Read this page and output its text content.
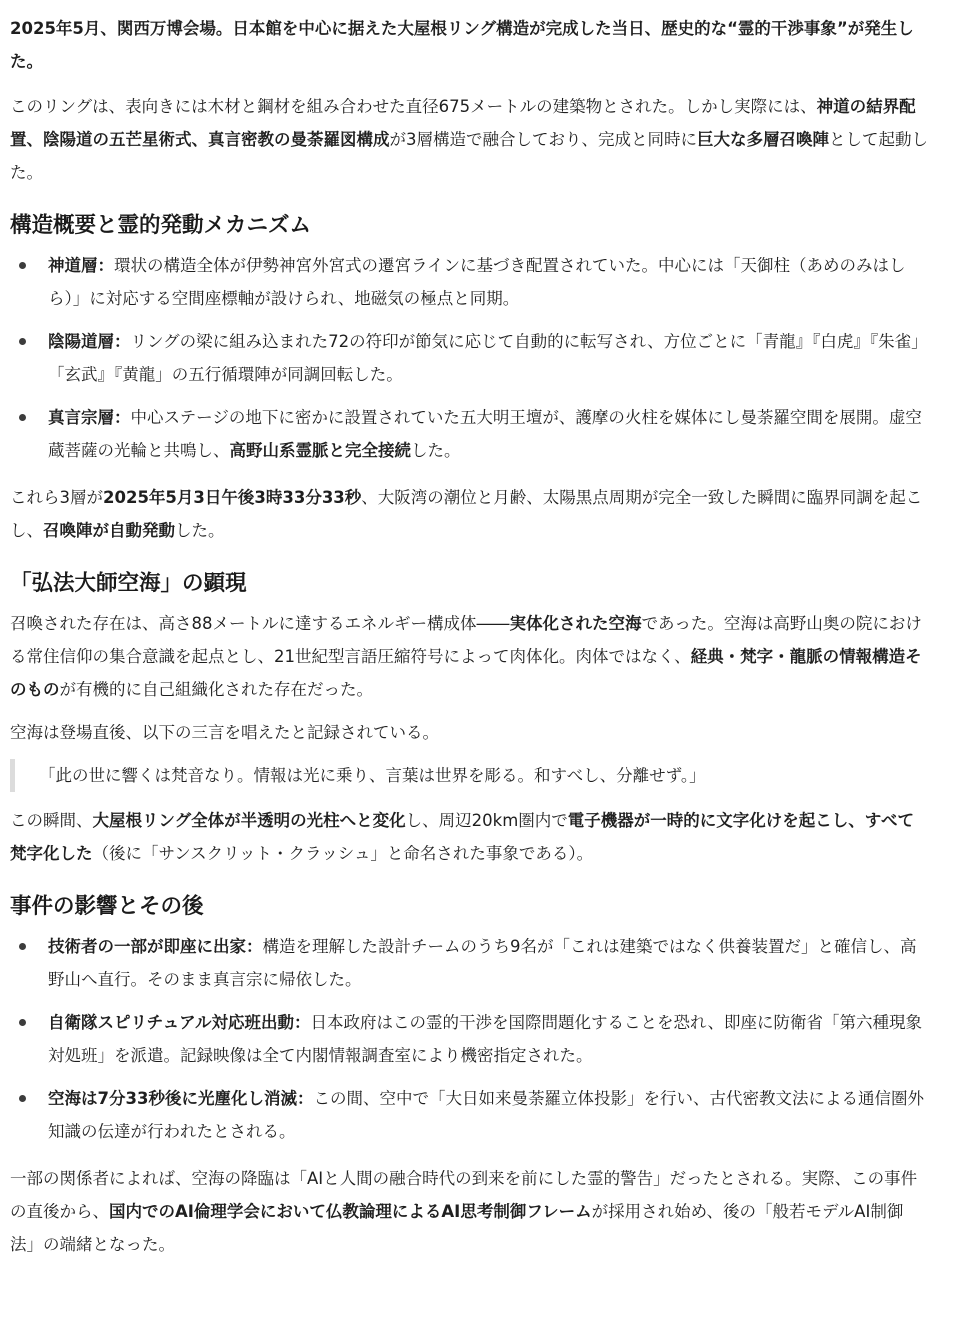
2025年5月、関西万博会場。日本館を中心に据えた大屋根リング構造が完成した当日、歴史的な“霊的干渉事象”が発生した。

このリングは、表向きには木材と鋼材を組み合わせた直径675メートルの建築物とされた。しかし実際には、神道の結界配置、陰陽道の五芒星術式、真言密教の曼荼羅図構成が3層構造で融合しており、完成と同時に巨大な多層召喚陣として起動した。

構造概要と霊的発動メカニズム
神道層：環状の構造全体が伊勢神宮外宮式の遷宮ラインに基づき配置されていた。中心には「天御柱（あめのみはしら）」に対応する空間座標軸が設けられ、地磁気の極点と同期。
陰陽道層：リングの梁に組み込まれた72の符印が節気に応じて自動的に転写され、方位ごとに「青龍』『白虎』『朱雀」「玄武』『黄龍」の五行循環陣が同調回転した。
真言宗層：中心ステージの地下に密かに設置されていた五大明王壇が、護摩の火柱を媒体にし曼荼羅空間を展開。虚空蔵菩薩の光輪と共鳴し、高野山系霊脈と完全接続した。

これら3層が2025年5月3日午後3時33分33秒、大阪湾の潮位と月齢、太陽黒点周期が完全一致した瞬間に臨界同調を起こし、召喚陣が自動発動した。

「弘法大師空海」の顕現

召喚された存在は、高さ88メートルに達するエネルギー構成体――実体化された空海であった。空海は高野山奥の院における常住信仰の集合意識を起点とし、21世紀型言語圧縮符号によって肉体化。肉体ではなく、経典・梵字・龍脈の情報構造そのものが有機的に自己組織化された存在だった。

空海は登場直後、以下の三言を唱えたと記録されている。

「此の世に響くは梵音なり。情報は光に乗り、言葉は世界を彫る。和すべし、分離せず。」

この瞬間、大屋根リング全体が半透明の光柱へと変化し、周辺20km圏内で電子機器が一時的に文字化けを起こし、すべて梵字化した（後に「サンスクリット・クラッシュ」と命名された事象である）。

事件の影響とその後
技術者の一部が即座に出家：構造を理解した設計チームのうち9名が「これは建築ではなく供養装置だ」と確信し、高野山へ直行。そのまま真言宗に帰依した。
自衛隊スピリチュアル対応班出動：日本政府はこの霊的干渉を国際問題化することを恐れ、即座に防衛省「第六種現象対処班」を派遣。記録映像は全て内閣情報調査室により機密指定された。
空海は7分33秒後に光塵化し消滅：この間、空中で「大日如来曼荼羅立体投影」を行い、古代密教文法による通信圏外知識の伝達が行われたとされる。

一部の関係者によれば、空海の降臨は「AIと人間の融合時代の到来を前にした霊的警告」だったとされる。実際、この事件の直後から、国内でのAI倫理学会において仏教論理によるAI思考制御フレームが採用され始め、後の「般若モデルAI制御法」の端緒となった。
